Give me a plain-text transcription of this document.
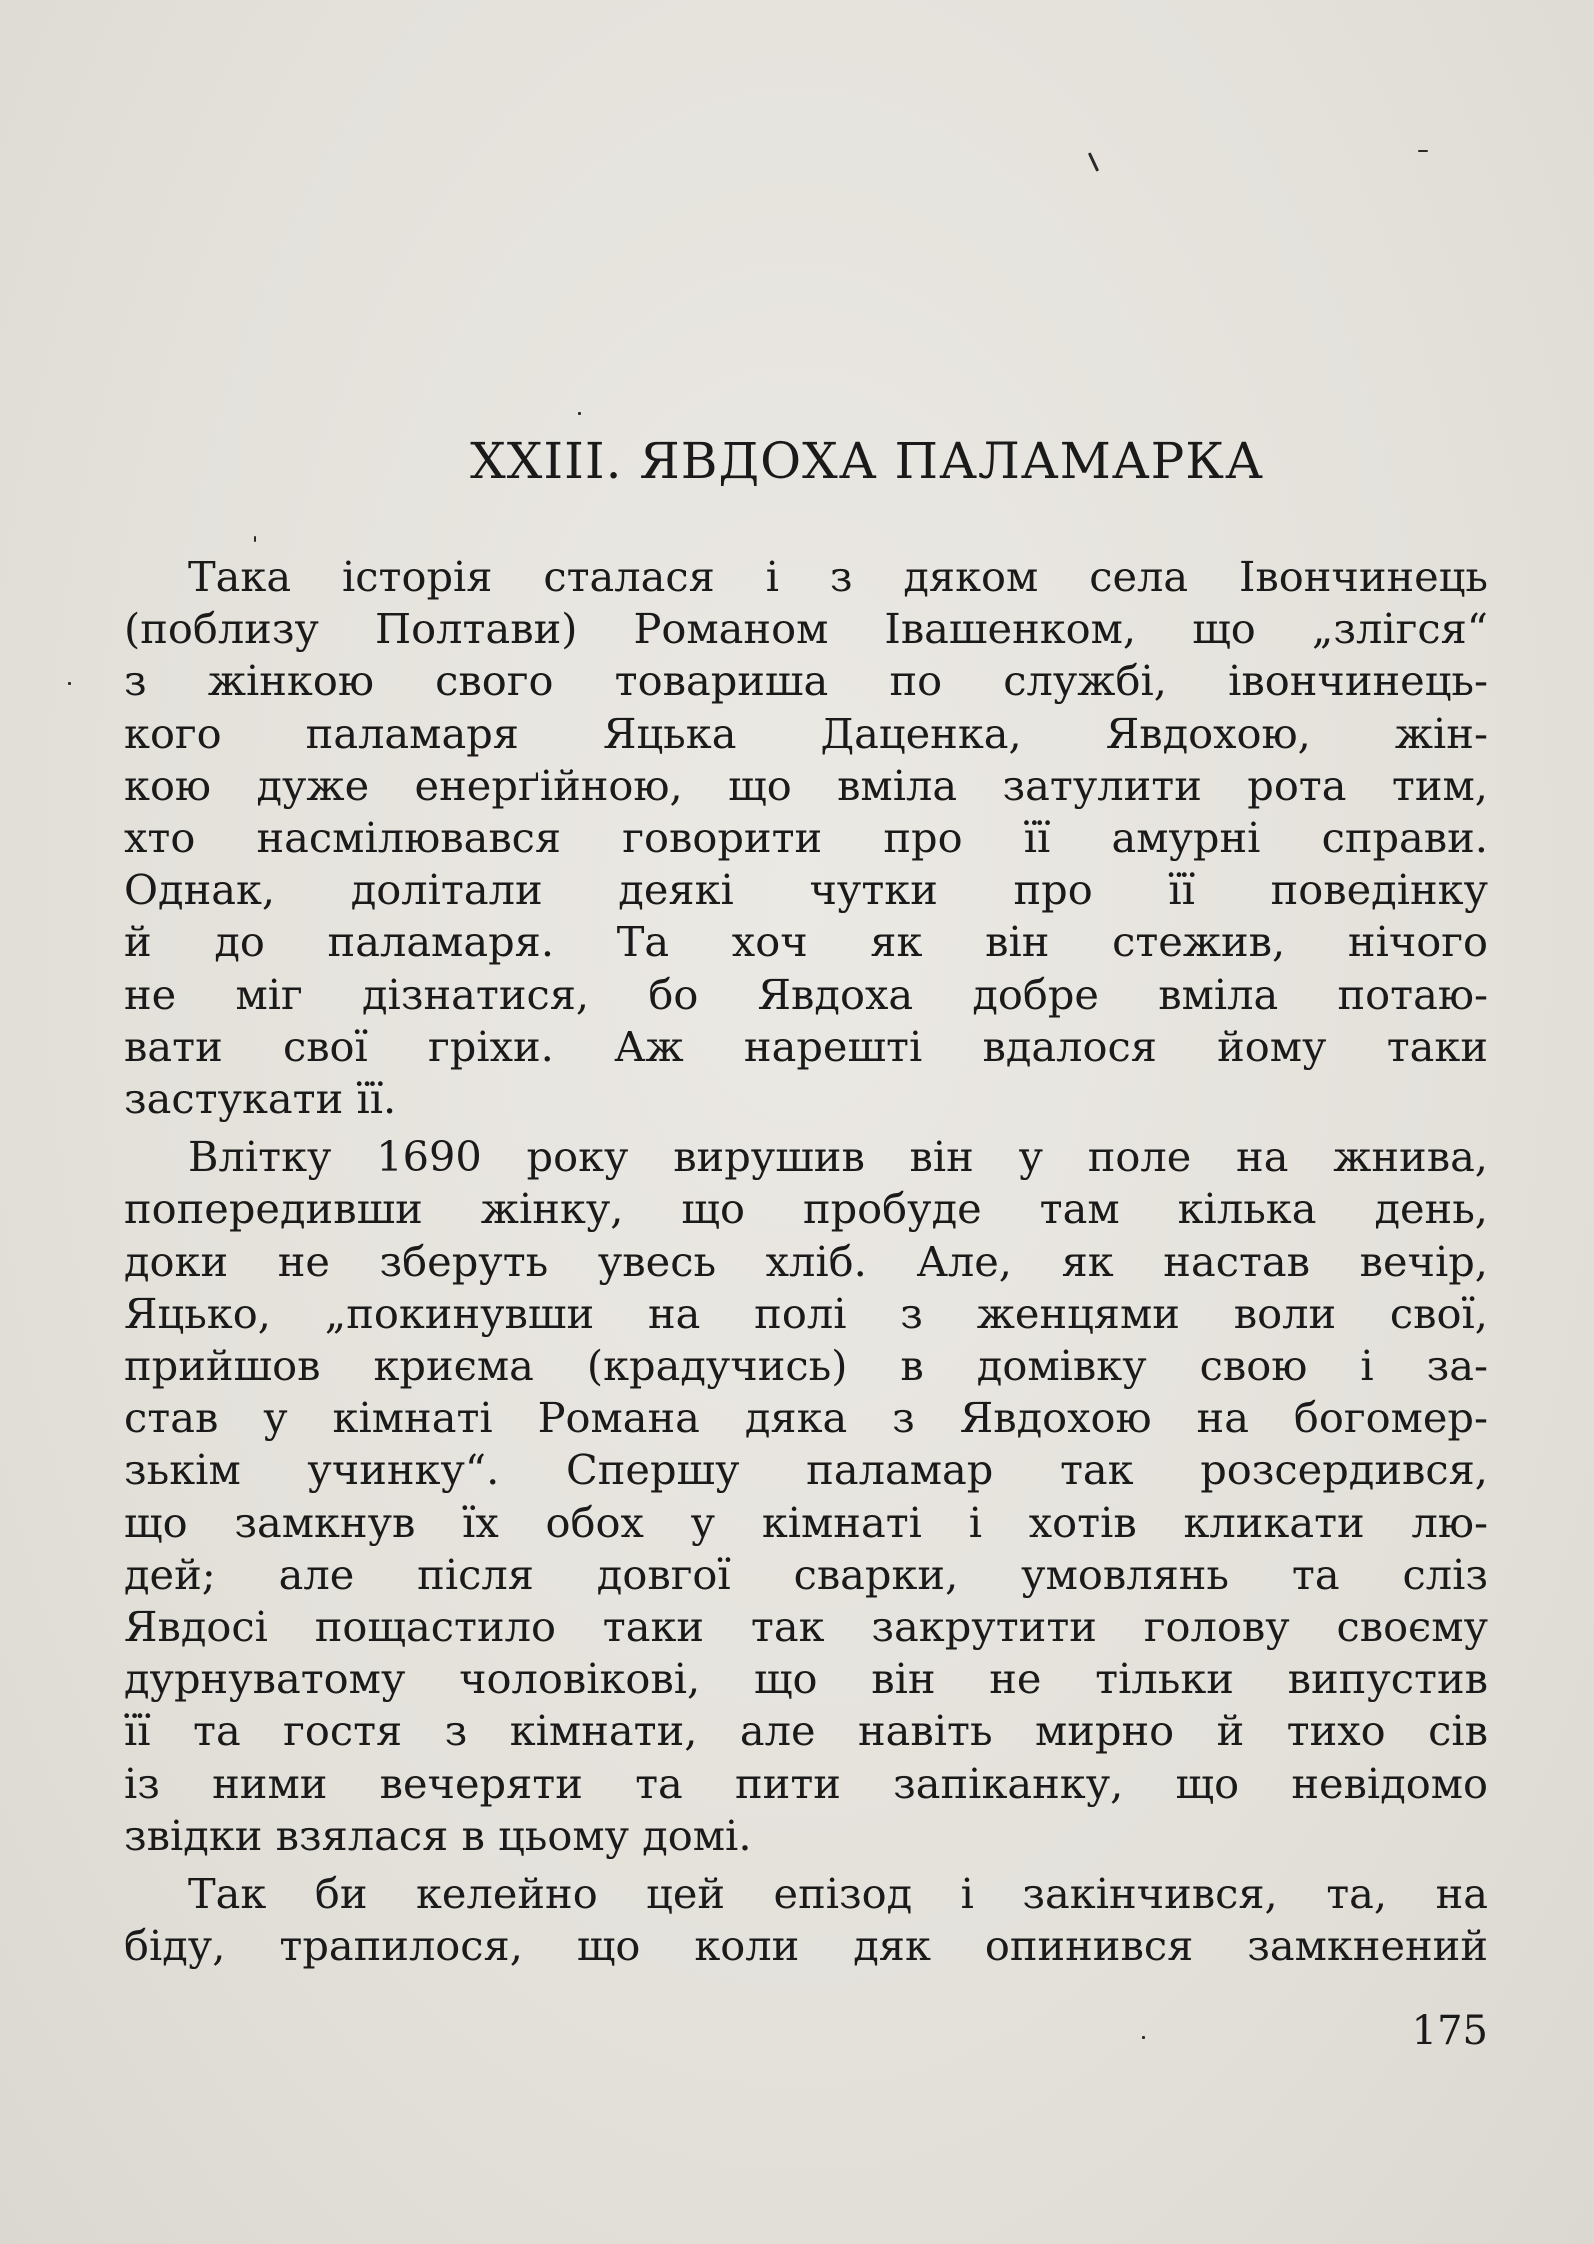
XXIII. ЯВДОХА ПАЛАМАРКА
Така історія сталася і з дяком села Івончинець
(поблизу Полтави) Романом Івашенком, що „злігся“
з жінкою свого товариша по службі, івончинець-
кого паламаря Яцька Даценка, Явдохою, жін-
кою дуже енерґійною, що вміла затулити рота тим,
хто насмілювався говорити про її амурні справи.
Однак, долітали деякі чутки про її поведінку
й до паламаря. Та хоч як він стежив, нічого
не міг дізнатися, бо Явдоха добре вміла потаю-
вати свої гріхи. Аж нарешті вдалося йому таки
застукати її.
Влітку 1690 року вирушив він у поле на жнива,
попередивши жінку, що пробуде там кілька день,
доки не зберуть увесь хліб. Але, як настав вечір,
Яцько, „покинувши на полі з женцями воли свої,
прийшов криєма (крадучись) в домівку свою і за-
став у кімнаті Романа дяка з Явдохою на богомер-
зькім учинку“. Спершу паламар так розсердився,
що замкнув їх обох у кімнаті і хотів кликати лю-
дей; але після довгої сварки, умовлянь та сліз
Явдосі пощастило таки так закрутити голову своєму
дурнуватому чоловікові, що він не тільки випустив
її та гостя з кімнати, але навіть мирно й тихо сів
із ними вечеряти та пити запіканку, що невідомо
звідки взялася в цьому домі.
Так би келейно цей епізод і закінчився, та, на
біду, трапилося, що коли дяк опинився замкнений

175
